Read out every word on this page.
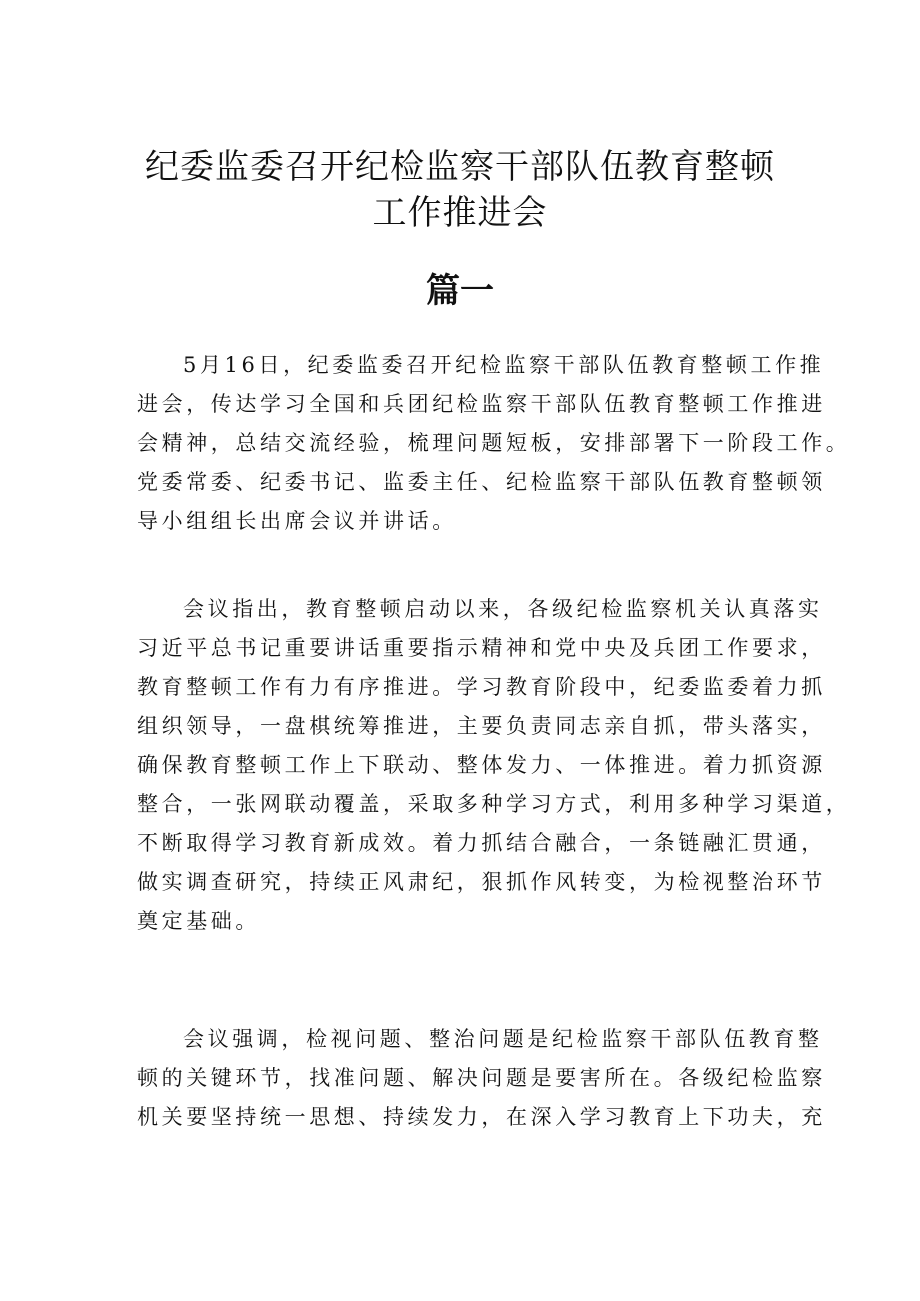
纪委监委召开纪检监察干部队伍教育整顿
工作推进会
篇一
5月16日，纪委监委召开纪检监察干部队伍教育整顿工作推
进会，传达学习全国和兵团纪检监察干部队伍教育整顿工作推进
会精神，总结交流经验，梳理问题短板，安排部署下一阶段工作。
党委常委、纪委书记、监委主任、纪检监察干部队伍教育整顿领
导小组组长出席会议并讲话。
会议指出，教育整顿启动以来，各级纪检监察机关认真落实
习近平总书记重要讲话重要指示精神和党中央及兵团工作要求，
教育整顿工作有力有序推进。学习教育阶段中，纪委监委着力抓
组织领导，一盘棋统筹推进，主要负责同志亲自抓，带头落实，
确保教育整顿工作上下联动、整体发力、一体推进。着力抓资源
整合，一张网联动覆盖，采取多种学习方式，利用多种学习渠道，
不断取得学习教育新成效。着力抓结合融合，一条链融汇贯通，
做实调查研究，持续正风肃纪，狠抓作风转变，为检视整治环节
奠定基础。
会议强调，检视问题、整治问题是纪检监察干部队伍教育整
顿的关键环节，找准问题、解决问题是要害所在。各级纪检监察
机关要坚持统一思想、持续发力，在深入学习教育上下功夫，充
